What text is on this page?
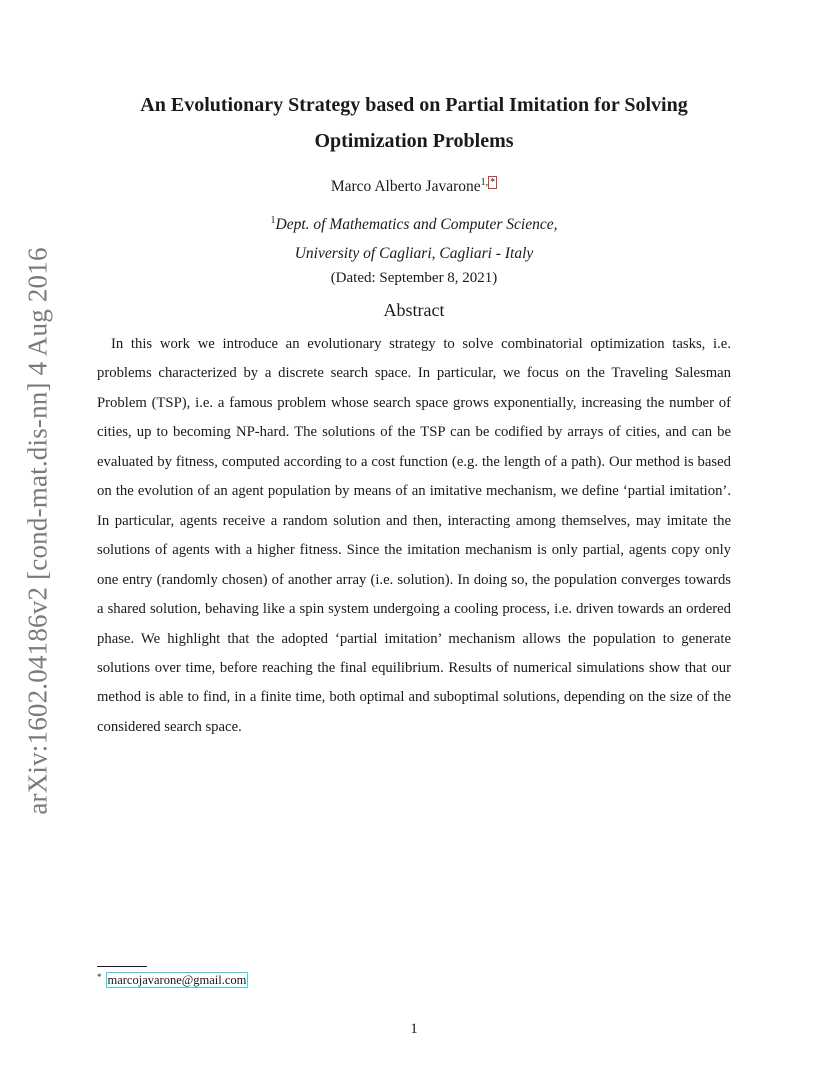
arXiv:1602.04186v2 [cond-mat.dis-nn] 4 Aug 2016
An Evolutionary Strategy based on Partial Imitation for Solving
Optimization Problems
Marco Alberto Javarone$^{1, *}$
$^1$Dept. of Mathematics and Computer Science,
University of Cagliari, Cagliari - Italy
(Dated: September 8, 2021)
Abstract

In this work we introduce an evolutionary strategy to solve combinatorial optimization tasks, i.e. problems characterized by a discrete search space. In particular, we focus on the Traveling Salesman Problem (TSP), i.e. a famous problem whose search space grows exponentially, increasing the number of cities, up to becoming NP-hard. The solutions of the TSP can be codified by arrays of cities, and can be evaluated by fitness, computed according to a cost function (e.g. the length of a path). Our method is based on the evolution of an agent population by means of an imitative mechanism, we define ‘partial imitation’. In particular, agents receive a random solution and then, interacting among themselves, may imitate the solutions of agents with a higher fitness. Since the imitation mechanism is only partial, agents copy only one entry (randomly chosen) of another array (i.e. solution). In doing so, the population converges towards a shared solution, behaving like a spin system undergoing a cooling process, i.e. driven towards an ordered phase. We highlight that the adopted ‘partial imitation’ mechanism allows the population to generate solutions over time, before reaching the final equilibrium. Results of numerical simulations show that our method is able to find, in a finite time, both optimal and suboptimal solutions, depending on the size of the considered search space.

* marcojavarone@gmail.com
1
